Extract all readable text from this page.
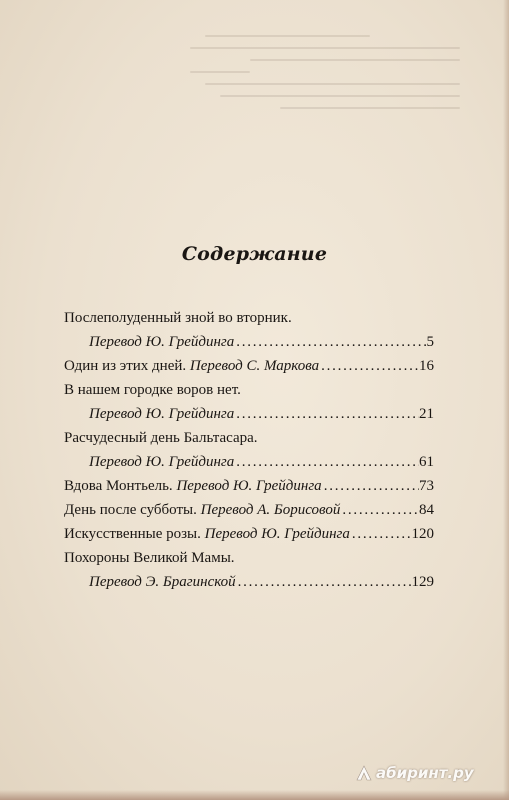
Содержание
Послеполуденный зной во вторник.
Перевод Ю. Грейдинга . . .	5
Один из этих дней.
Перевод С. Маркова . . .	16
В нашем городке воров нет.
Перевод Ю. Грейдинга . . .	21
Расчудесный день Бальтасара.
Перевод Ю. Грейдинга . . .	61
Вдова Монтьель.
Перевод Ю. Грейдинга . . .	73
День после субботы.
Перевод А. Борисовой . . .	84
Искусственные розы.
Перевод Ю. Грейдинга . . .	120
Похороны Великой Мамы.
Перевод Э. Брагинской . . .	129
абиринт.ру
